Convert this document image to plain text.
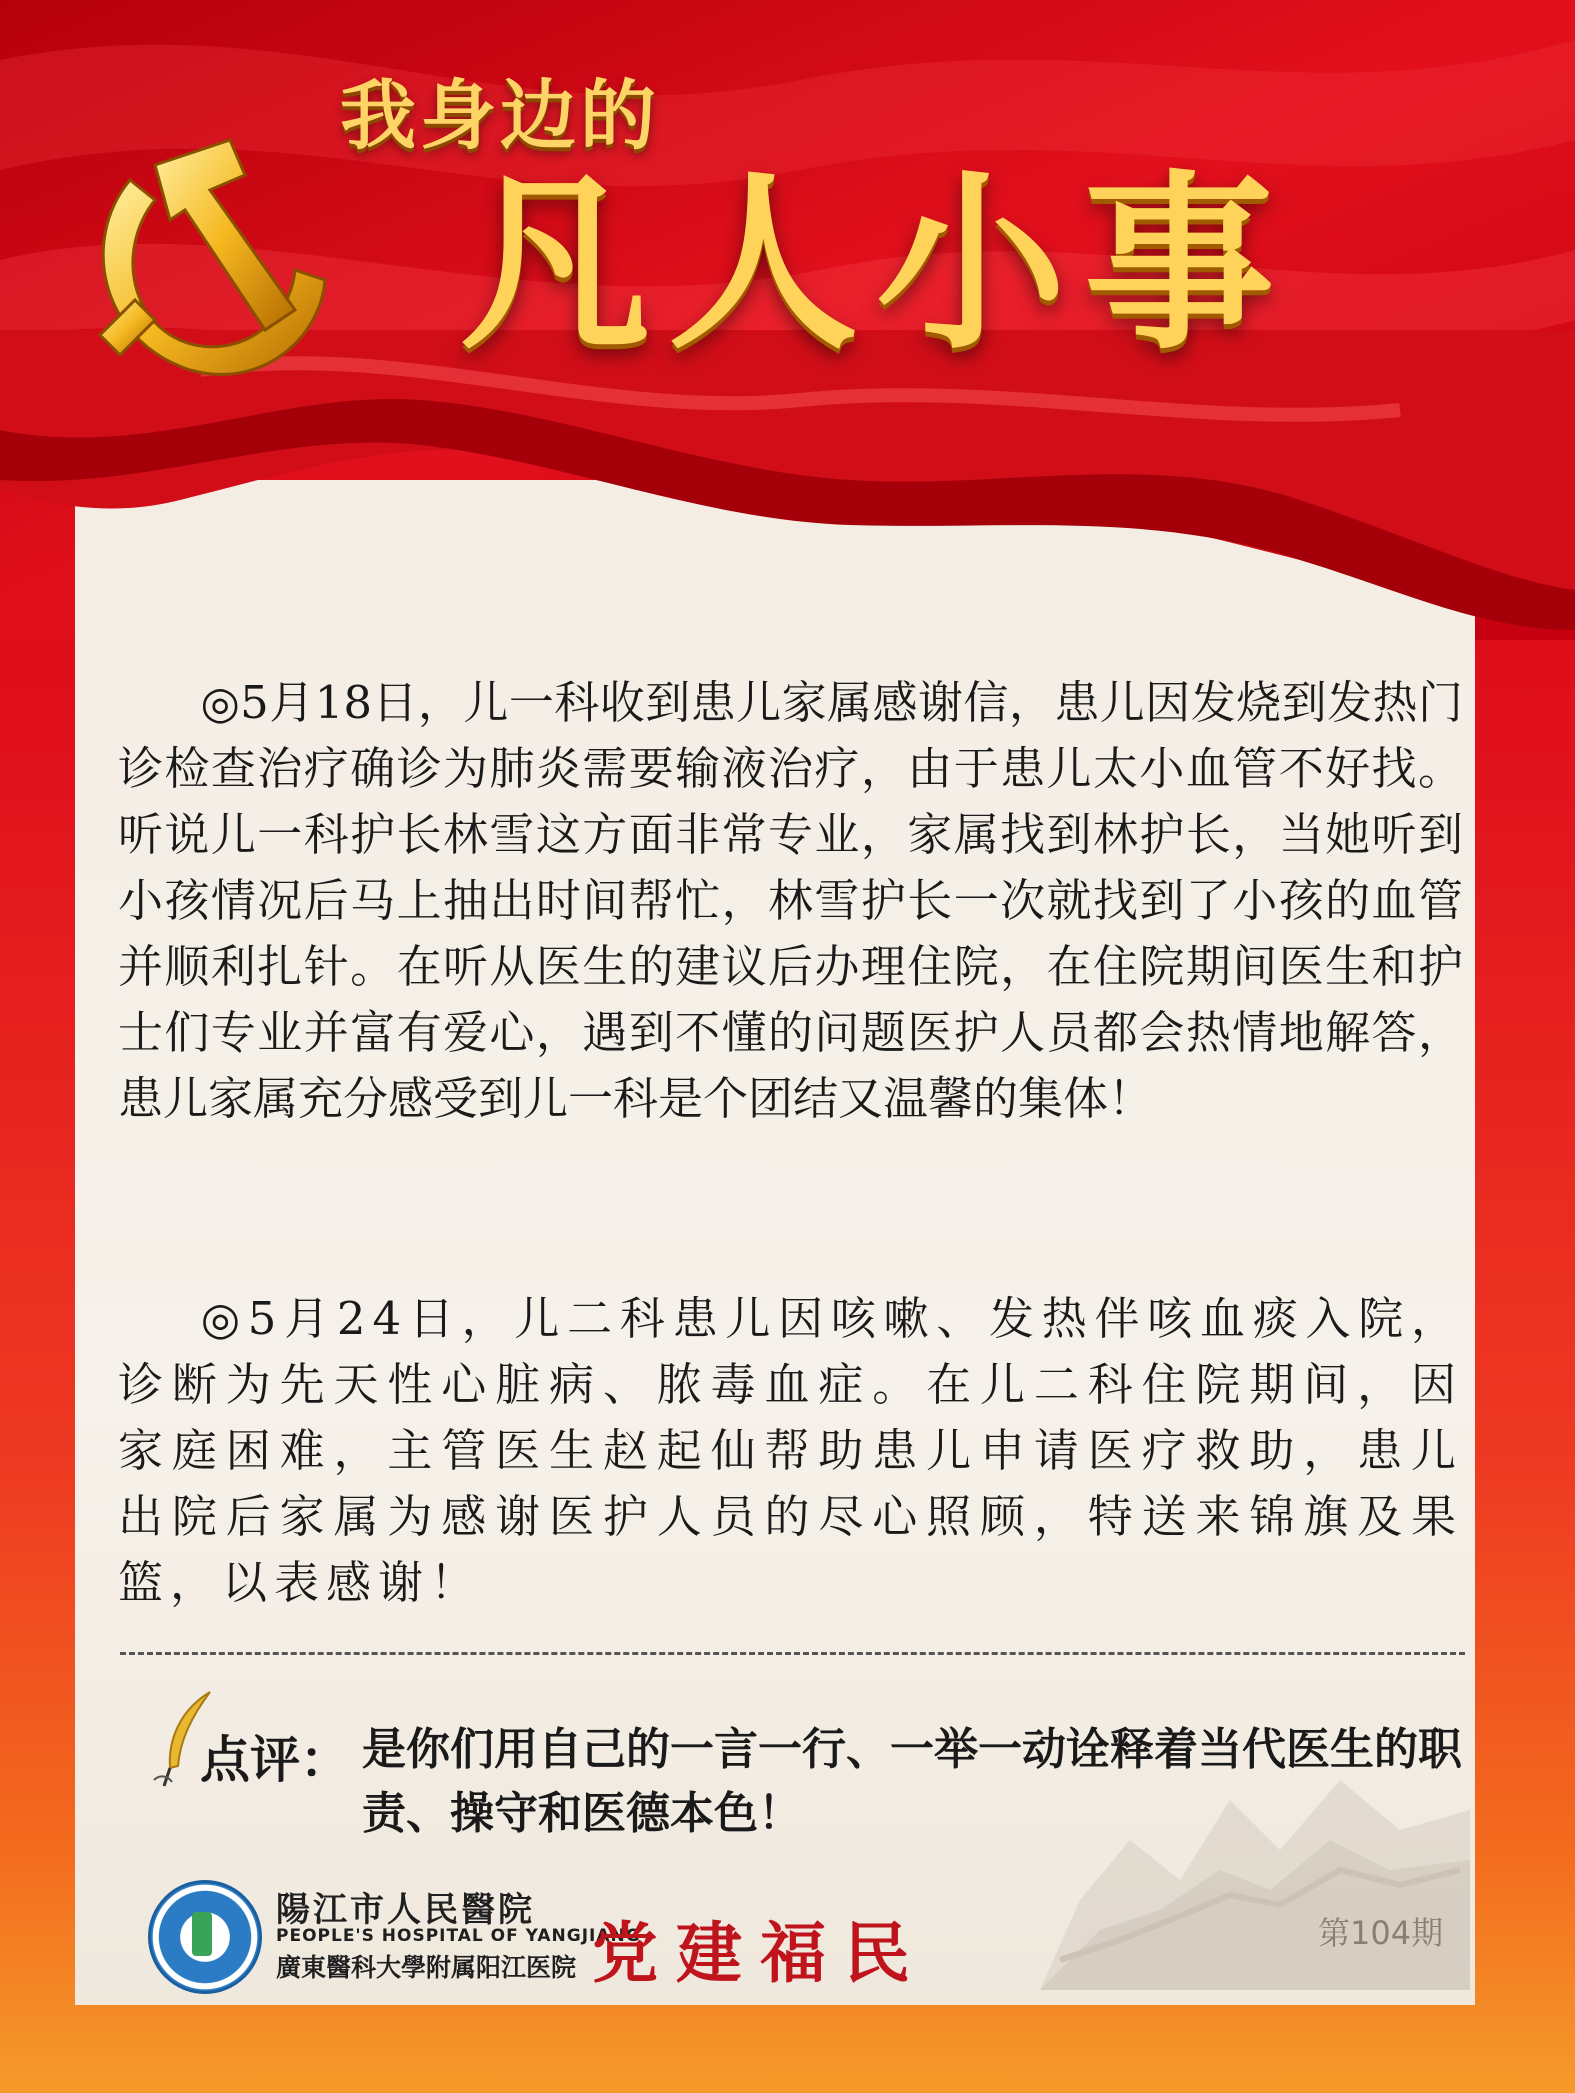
我身边的
凡人小事
◎5月18日，儿一科收到患儿家属感谢信，患儿因发烧到发热门诊检查治疗确诊为肺炎需要输液治疗，由于患儿太小血管不好找。听说儿一科护长林雪这方面非常专业，家属找到林护长，当她听到小孩情况后马上抽出时间帮忙，林雪护长一次就找到了小孩的血管并顺利扎针。在听从医生的建议后办理住院，在住院期间医生和护士们专业并富有爱心，遇到不懂的问题医护人员都会热情地解答，患儿家属充分感受到儿一科是个团结又温馨的集体！
◎5月24日，儿二科患儿因咳嗽、发热伴咳血痰入院，诊断为先天性心脏病、脓毒血症。在儿二科住院期间，因家庭困难，主管医生赵起仙帮助患儿申请医疗救助，患儿出院后家属为感谢医护人员的尽心照顾，特送来锦旗及果篮，以表感谢！
点评： 是你们用自己的一言一行、一举一动诠释着当代医生的职责、操守和医德本色！
陽江市人民醫院
PEOPLE'S HOSPITAL OF YANGJIANG
廣東醫科大學附属阳江医院 党建福民	第104期
